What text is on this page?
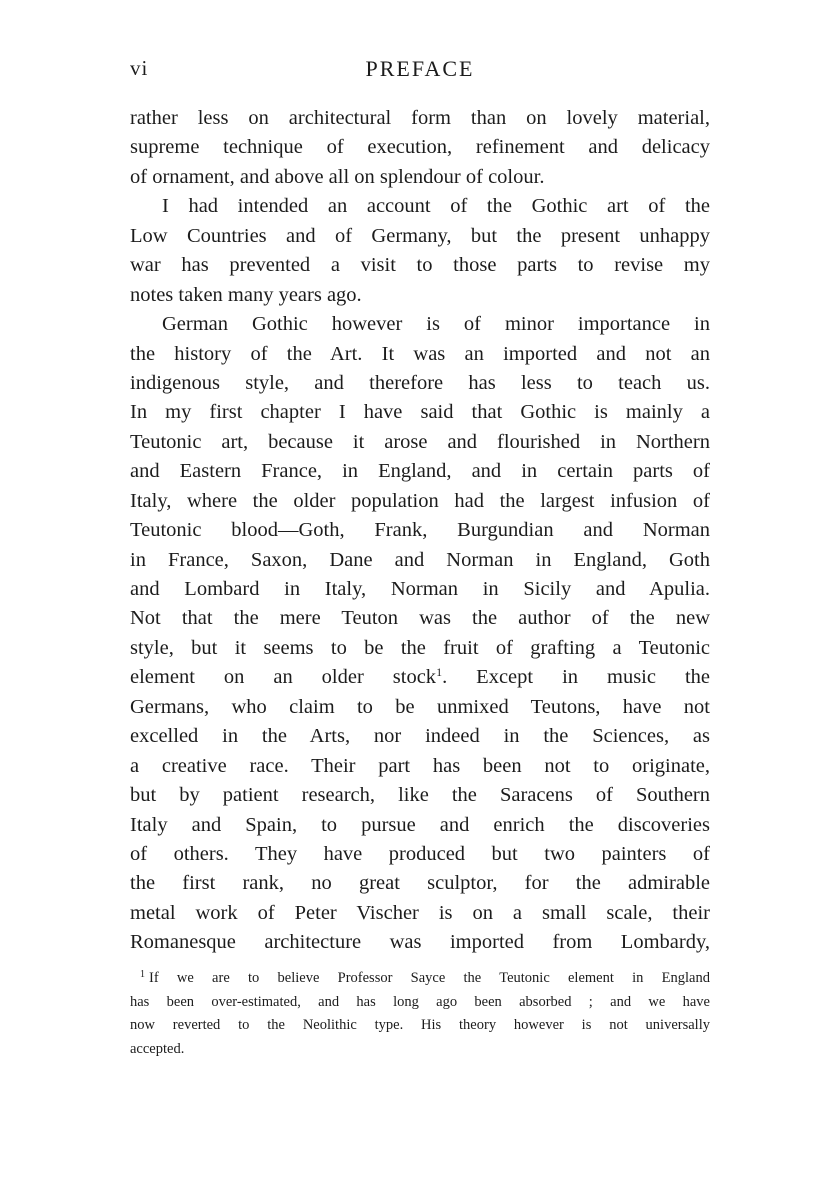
vi	PREFACE
rather less on architectural form than on lovely material,
supreme technique of execution, refinement and delicacy
of ornament, and above all on splendour of colour.
I had intended an account of the Gothic art of the
Low Countries and of Germany, but the present unhappy
war has prevented a visit to those parts to revise my
notes taken many years ago.
German Gothic however is of minor importance in
the history of the Art. It was an imported and not an
indigenous style, and therefore has less to teach us.
In my first chapter I have said that Gothic is mainly a
Teutonic art, because it arose and flourished in Northern
and Eastern France, in England, and in certain parts of
Italy, where the older population had the largest infusion of
Teutonic blood—Goth, Frank, Burgundian and Norman
in France, Saxon, Dane and Norman in England, Goth
and Lombard in Italy, Norman in Sicily and Apulia.
Not that the mere Teuton was the author of the new
style, but it seems to be the fruit of grafting a Teutonic
element on an older stock$^1$. Except in music the
Germans, who claim to be unmixed Teutons, have not
excelled in the Arts, nor indeed in the Sciences, as
a creative race. Their part has been not to originate,
but by patient research, like the Saracens of Southern
Italy and Spain, to pursue and enrich the discoveries
of others. They have produced but two painters of
the first rank, no great sculptor, for the admirable
metal work of Peter Vischer is on a small scale, their
Romanesque architecture was imported from Lombardy,
$^1$ If we are to believe Professor Sayce the Teutonic element in England
has been over-estimated, and has long ago been absorbed ; and we have
now reverted to the Neolithic type. His theory however is not universally
accepted.
